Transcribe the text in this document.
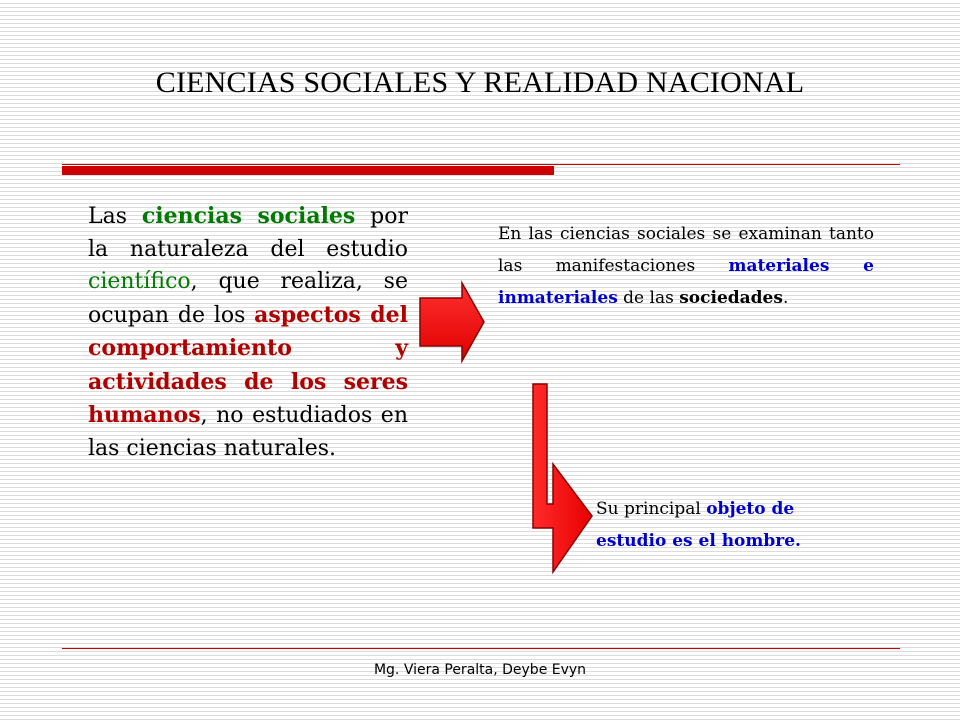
CIENCIAS SOCIALES Y REALIDAD NACIONAL
Las ciencias sociales por la naturaleza del estudio científico, que realiza, se ocupan de los aspectos del comportamiento y actividades de los seres humanos, no estudiados en las ciencias naturales.
En las ciencias sociales se examinan tanto las manifestaciones materiales e inmateriales de las sociedades.
Su principal objeto de estudio es el hombre.
Mg. Viera Peralta, Deybe Evyn
